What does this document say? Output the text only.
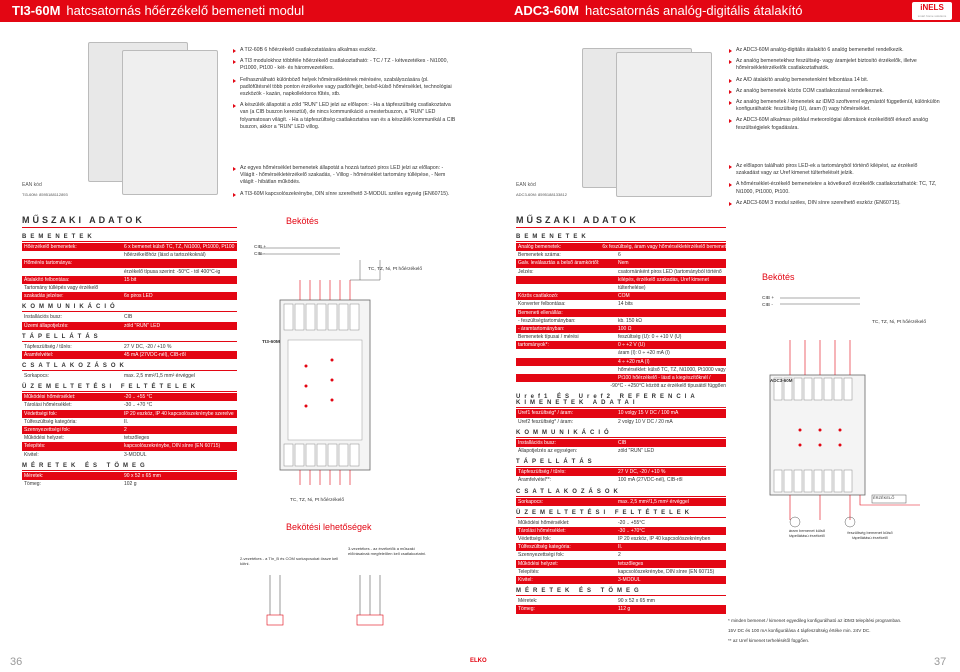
TI3-60M hatcsatornás hőérzékelő bemeneti modul	ADC3-60M hatcsatornás analóg-digitális átalakító	iNELS
smart home solutions
A TI2-60B 6 hőérzékelő csatlakoztatására alkalmas eszköz.
A TI3 modulokhoz többféle hőérzékelő csatlakoztatható: - TC / TZ - kétvezetékes - Ni1000, Pt1000, Pt100 - két- és háromvezetékes.
Felhasználható különböző helyek hőmérsékletének mérésére, szabályozására (pl. padlófűtésnél több ponton érzékelve vagy padló/fejjér, belső-külső hőmérséklet, technológiai eszközök - kazán, napkollektoros fűtés, stb.
A készülék állapotát a zöld "RUN" LED jelzi az előlapon: - Ha a tápfeszültség csatlakoztatva van (a CIB buszon keresztül), de nincs kommunikáció a mesterbuszon, a "RUN" LED folyamatosan világít. - Ha a tápfeszültség csatlakoztatva van és a készülék kommunikál a CIB buszon, akkor a "RUN" LED villog.
Az egyes hőmérséklet bemenetek állapotát a hozzá tartozó piros LED jelzi az előlapon: - Világít - hőmérsékletérzékelő szakadás, - Villog - hőmérséklet tartomány túllépése, - Nem világít - hibátlan működés.
A TI3-60M kapcsolószekrénybe, DIN sínre szerelhető 3-MODUL széles egység (EN60715).
EAN kód
TI3-60M: 8595188112893
MŰSZAKI ADATOK
BEMENETEK
Hőérzékelő bemenetek:	6 x bemenet külső TC, TZ, Ni1000, Pt1000, Pt100
hőérzékelőhöz (lásd a tartozékoknál)
Hőmérés tartománya:
érzékelő típusa szerint: -50°C - tól 400°C-ig
Átalakító felbontása:	15 bit
Tartomány túllépés vagy érzékelő
szakadás jelzése:	6x piros LED
KOMMUNIKÁCIÓ
Installációs busz:	CIB
Üzemi állapotjelzés:	zöld "RUN" LED
TÁPELLÁTÁS
Tápfeszültség / tűrés:	27 V DC, -20 / +10 %
Áramfelvétel:	45 mA (27VDC-nél), CIB-ről
CSATLAKOZÁSOK
Sorkapocs:	max. 2,5 mm²/1,5 mm² érvéggel
ÜZEMELTETÉSI FELTÉTELEK
Működési hőmérséklet:	-20 .. +55 °C
Tárolási hőmérséklet:	-30 .. +70 °C
Védettségi fok:	IP 20 eszköz, IP 40 kapcsolószekrénybe szerelve
Túlfeszültség kategória:	II.
Szennyezettségi fok:	2
Működési helyzet:	tetszőleges
Telepítés:	kapcsolószekrénybe, DIN sínre (EN 60715)
Kivitel:	3-MODUL
MÉRETEK ÉS TÖMEG
Méretek:	90 x 52 x 65 mm
Tömeg:	102 g
Bekötés
CIB +
CIB -
TC, TZ, Ni, Pt hőérzékelő
TI3-60M
TC, TZ, Ni, Pt hőérzékelő
Bekötési lehetőségek
2-vezetékes - a TIn_B és COM sorkapcsokat össze kell kötni.
3-vezetékes - az érzékelők a műszaki előírásainak megfelelően kell csatlakoztatni.
36	ELKO
Az ADC3-60M analóg-digitális átalakító 6 analóg bemenettel rendelkezik.
Az analóg bemenetekhez feszültség- vagy áramjelet biztosító érzékelők, illetve hőmérsékletérzékelők csatlakoztathatók.
Az A/D átalakító analóg bemenetenként felbontása 14 bit.
Az analóg bemenetek közös COM csatlakozással rendelkeznek.
Az analóg bemenetek / kimenetek az iDM3 szoftverrel egymástól függetlenül, különkülön konfigurálhatók: feszültség (U), áram (I) vagy hőmérséklet.
Az ADC3-60M alkalmas például meteorológiai állomások érzékelőitől érkező analóg feszültségjelek fogadására.
Az előlapon található piros LED-ek a tartományból történő kilépést, az érzékelő szakadást vagy az Uref kimenet túlterhelését jelzik.
A hőmérséklet-érzékelő bemenetekre a következő érzékelők csatlakoztathatók: TC, TZ, Ni1000, Pt1000, Pt100.
Az ADC3-60M 3 modul széles, DIN sínre szerelhető eszköz (EN60715).
EAN kód
ADC3-60M: 8595188133812
MŰSZAKI ADATOK
BEMENETEK
Analóg bemenetek:	6x feszültség, áram vagy hőmérsékletérzékelő bemenet
Bemenetek száma:	6
Galv. leválasztás a belső áramkörtől:	Nem
Jelzés:	csatornánként piros LED (tartományból történő
kilépés, érzékelő szakadás, Uref kimenet
túlterhelése)
Közös csatlakozó:	COM
Konverter felbontása:	14 bits
Bemeneti ellenállás:
- feszültségtartományban:	kb. 150 kΩ
- áramtartományban:	100 Ω
Bemenetek típusai / mérési	feszültség (U): 0 ÷ +10 V (U)
tartományok*:	0 ÷ +2 V (U)
áram (I): 0 ÷ +20 mA (I)
4 ÷ +20 mA (I)
hőmérséklet: külső TC, TZ, Ni1000, Pt1000 vagy
Pt100 hőérzékelő - lásd a kiegészítőknél /
-90°C - +250°C között az érzékelő típusától függően
Uref1 ÉS Uref2 REFERENCIA KIMENETEK ADATAI
Uref1 feszültség* / áram:	10 volgy 15 V DC / 100 mA
Uref2 feszültség* / áram:	2 volgy 10 V DC / 20 mA
KOMMUNIKÁCIÓ
Installációs busz:	CIB
Állapotjelzés az egységen:	zöld "RUN" LED
TÁPELLÁTÁS
Tápfeszültség / tűrés:	27 V DC, -20 / +10 %
Áramfelvétel**:	100 mA (27VDC-nél), CIB-ről
CSATLAKOZÁSOK
Sorkapocs:	max. 2,5 mm²/1,5 mm² érvéggel
ÜZEMELTETÉSI FELTÉTELEK
Működési hőmérséklet:	-20 .. +55°C
Tárolási hőmérséklet:	-30 .. +70°C
Védettségi fok:	IP 20 eszköz, IP 40 kapcsolószekrényben
Túlfeszültség kategória:	II.
Szennyezettségi fok:	2
Működési helyzet:	tetszőleges
Telepítés:	kapcsolószekrénybe, DIN sínre (EN 60715)
Kivitel:	3-MODUL
MÉRETEK ÉS TÖMEG
Méretek:	90 x 52 x 65 mm
Tömeg:	112 g
Bekötés
CIB +
CIB -
TC, TZ, Ni, Pt hőérzékelő
ADC3-60M
ÉRZÉKELŐ
áram bemenet külső tápellátású érzékelő
feszültség bemenet külső tápellátású érzékelő
* minden bemenet / kimenet egyedileg konfigurálható az iDM3 telepítési programban.
15V DC és 100 mA konfigurálása 4 tápfeszültség értéke min. 24V DC.
** az Uref kimenet terhelésétől függően.
37
